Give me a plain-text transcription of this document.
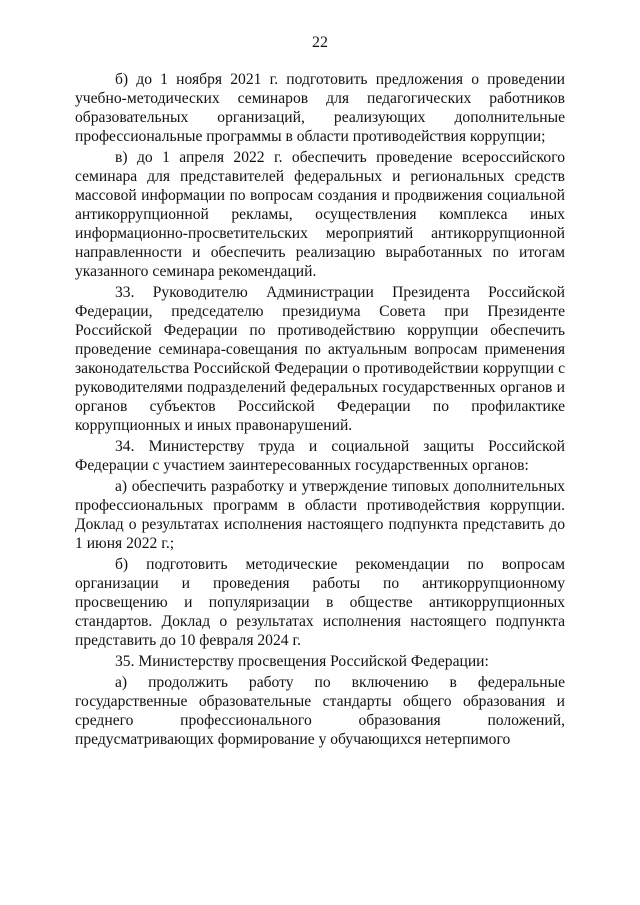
22

б) до 1 ноября 2021 г. подготовить предложения о проведении учебно-методических семинаров для педагогических работников образовательных организаций, реализующих дополнительные профессиональные программы в области противодействия коррупции;

в) до 1 апреля 2022 г. обеспечить проведение всероссийского семинара для представителей федеральных и региональных средств массовой информации по вопросам создания и продвижения социальной антикоррупционной рекламы, осуществления комплекса иных информационно-просветительских мероприятий антикоррупционной направленности и обеспечить реализацию выработанных по итогам указанного семинара рекомендаций.

33. Руководителю Администрации Президента Российской Федерации, председателю президиума Совета при Президенте Российской Федерации по противодействию коррупции обеспечить проведение семинара-совещания по актуальным вопросам применения законодательства Российской Федерации о противодействии коррупции с руководителями подразделений федеральных государственных органов и органов субъектов Российской Федерации по профилактике коррупционных и иных правонарушений.

34. Министерству труда и социальной защиты Российской Федерации с участием заинтересованных государственных органов:

а) обеспечить разработку и утверждение типовых дополнительных профессиональных программ в области противодействия коррупции. Доклад о результатах исполнения настоящего подпункта представить до 1 июня 2022 г.;

б) подготовить методические рекомендации по вопросам организации и проведения работы по антикоррупционному просвещению и популяризации в обществе антикоррупционных стандартов. Доклад о результатах исполнения настоящего подпункта представить до 10 февраля 2024 г.

35. Министерству просвещения Российской Федерации:

а) продолжить работу по включению в федеральные государственные образовательные стандарты общего образования и среднего профессионального образования положений, предусматривающих формирование у обучающихся нетерпимого
